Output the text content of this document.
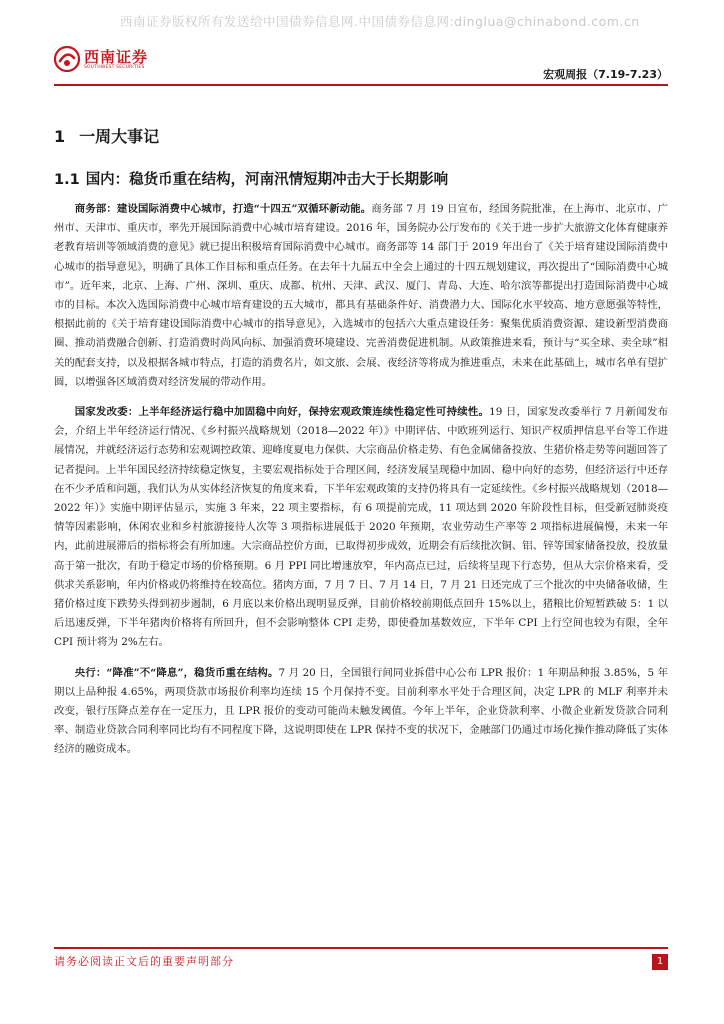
西南证券版权所有发送给中国债券信息网.中国债券信息网:dinglua@chinabond.com.cn
西南证券
SOUTHWEST SECURITIES
宏观周报（7.19-7.23）
1 一周大事记
1.1 国内：稳货币重在结构，河南汛情短期冲击大于长期影响

商务部：建设国际消费中心城市，打造“十四五”双循环新动能。商务部 7 月 19 日宣布，经国务院批准，在上海市、北京市、广州市、天津市、重庆市，率先开展国际消费中心城市培育建设。2016 年，国务院办公厅发布的《关于进一步扩大旅游文化体育健康养老教育培训等领域消费的意见》就已提出积极培育国际消费中心城市。商务部等 14 部门于 2019 年出台了《关于培育建设国际消费中心城市的指导意见》，明确了具体工作目标和重点任务。在去年十九届五中全会上通过的十四五规划建议，再次提出了“国际消费中心城市”。近年来，北京、上海、广州、深圳、重庆、成都、杭州、天津、武汉、厦门、青岛、大连、哈尔滨等都提出打造国际消费中心城市的目标。本次入选国际消费中心城市培育建设的五大城市，都具有基础条件好、消费潜力大、国际化水平较高、地方意愿强等特性，根据此前的《关于培育建设国际消费中心城市的指导意见》，入选城市的包括六大重点建设任务：聚集优质消费资源、建设新型消费商圈、推动消费融合创新、打造消费时尚风向标、加强消费环境建设、完善消费促进机制。从政策推进来看，预计与“买全球、卖全球”相关的配套支持，以及根据各城市特点，打造的消费名片，如文旅、会展、夜经济等将成为推进重点，未来在此基础上，城市名单有望扩圆，以增强各区域消费对经济发展的带动作用。

国家发改委：上半年经济运行稳中加固稳中向好，保持宏观政策连续性稳定性可持续性。19 日，国家发改委举行 7 月新闻发布会，介绍上半年经济运行情况、《乡村振兴战略规划（2018—2022 年）》中期评估、中欧班列运行、知识产权质押信息平台等工作进展情况，并就经济运行态势和宏观调控政策、迎峰度夏电力保供、大宗商品价格走势、有色金属储备投放、生猪价格走势等问题回答了记者提问。上半年国民经济持续稳定恢复，主要宏观指标处于合理区间，经济发展呈现稳中加固、稳中向好的态势，但经济运行中还存在不少矛盾和问题，我们认为从实体经济恢复的角度来看，下半年宏观政策的支持仍将具有一定延续性。《乡村振兴战略规划（2018—2022 年）》实施中期评估显示，实施 3 年来，22 项主要指标，有 6 项提前完成，11 项达到 2020 年阶段性目标，但受新冠肺炎疫情等因素影响，休闲农业和乡村旅游接待人次等 3 项指标进展低于 2020 年预期，农业劳动生产率等 2 项指标进展偏慢，未来一年内，此前进展滞后的指标将会有所加速。大宗商品控价方面，已取得初步成效，近期会有后续批次铜、铝、锌等国家储备投放，投放量高于第一批次，有助于稳定市场的价格预期。6 月 PPI 同比增速放窄，年内高点已过，后续将呈现下行态势，但从大宗价格来看，受供求关系影响，年内价格或仍将维持在较高位。猪肉方面，7 月 7 日、7 月 14 日，7 月 21 日还完成了三个批次的中央储备收储，生猪价格过度下跌势头得到初步遏制，6 月底以来价格出现明显反弹，目前价格较前期低点回升 15%以上，猪粮比价短暂跌破 5：1 以后迅速反弹，下半年猪肉价格将有所回升，但不会影响整体 CPI 走势，即使叠加基数效应，下半年 CPI 上行空间也较为有限，全年 CPI 预计将为 2%左右。

央行：“降准”不“降息”，稳货币重在结构。7 月 20 日，全国银行间同业拆借中心公布 LPR 报价：1 年期品种报 3.85%，5 年期以上品种报 4.65%，两项贷款市场报价利率均连续 15 个月保持不变。目前利率水平处于合理区间，决定 LPR 的 MLF 利率并未改变，银行压降点差存在一定压力，且 LPR 报价的变动可能尚未触发阈值。今年上半年，企业贷款利率、小微企业新发贷款合同利率、制造业贷款合同利率同比均有不同程度下降，这说明即使在 LPR 保持不变的状况下，金融部门仍通过市场化操作推动降低了实体经济的融资成本。

请务必阅读正文后的重要声明部分	1
